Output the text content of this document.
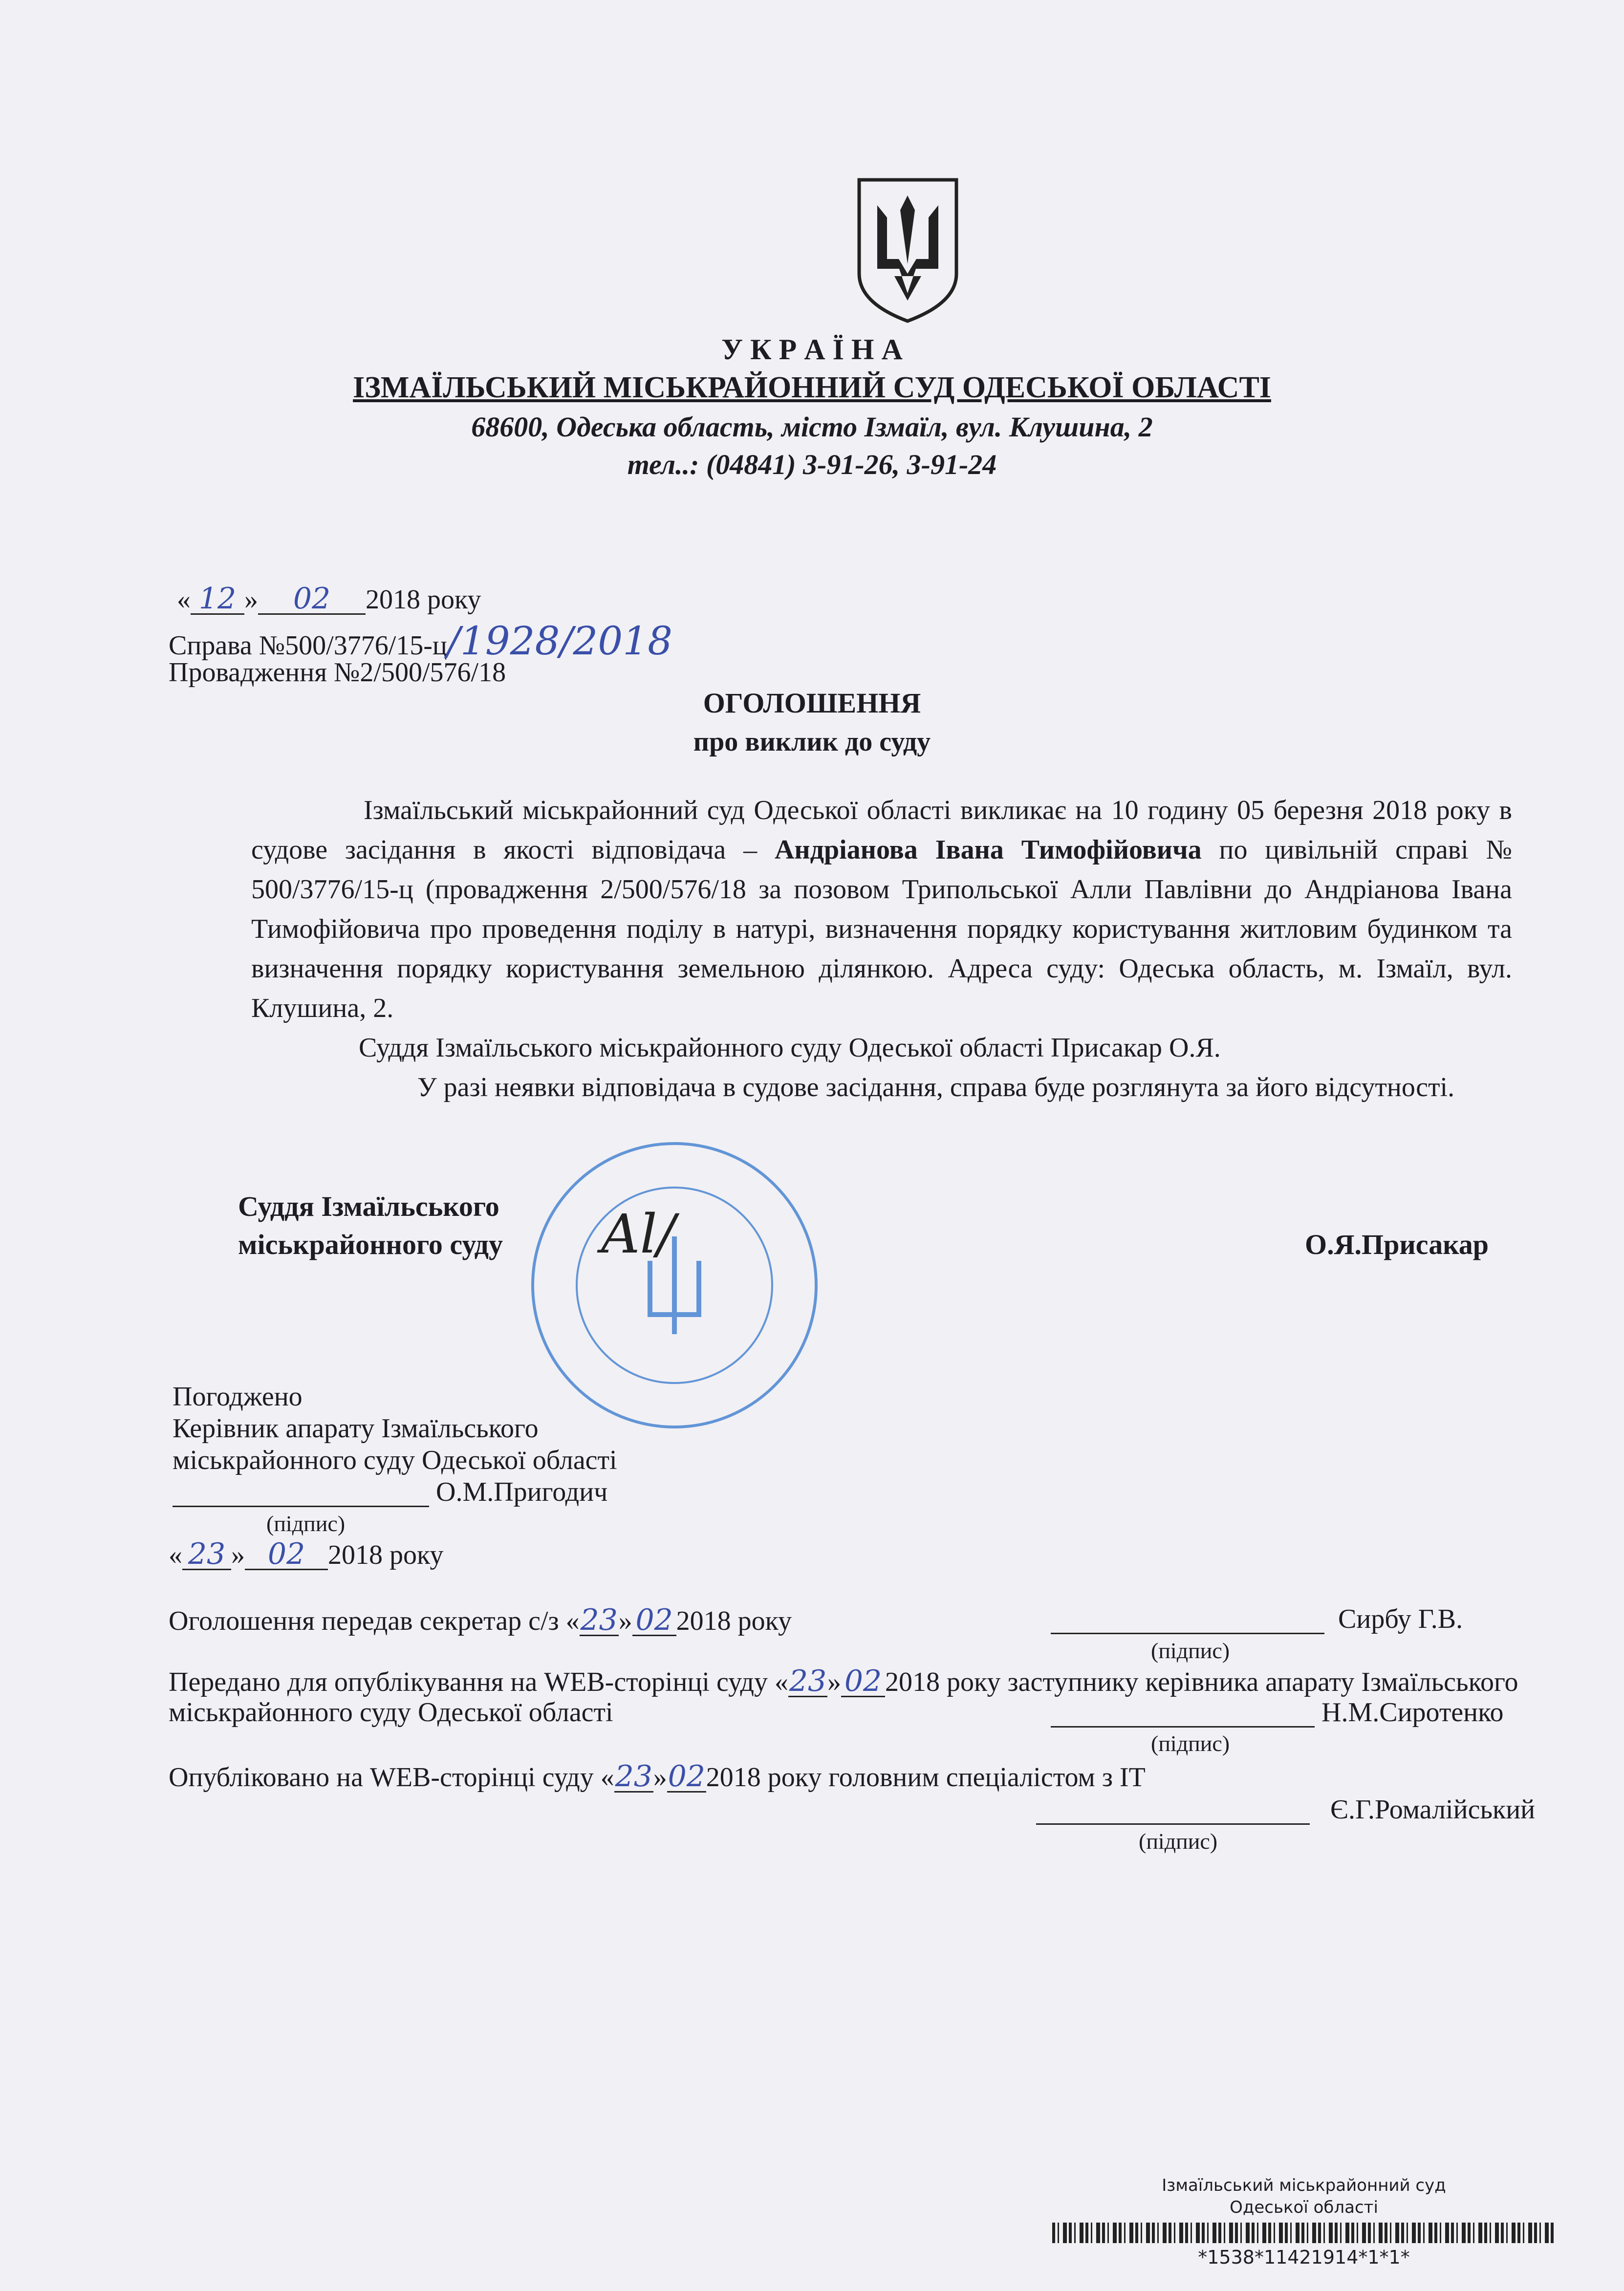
У К Р А Ї Н А
ІЗМАЇЛЬСЬКИЙ МІСЬКРАЙОННИЙ СУД ОДЕСЬКОЇ ОБЛАСТІ
68600, Одеська область, місто Ізмаїл, вул. Клушина, 2
тел..: (04841) 3-91-26, 3-91-24
« 12 » 02 2018 року
Справа №500/3776/15-ц/1928/2018
Провадження №2/500/576/18
ОГОЛОШЕННЯ
про виклик до суду

Ізмаїльський міськрайонний суд Одеської області викликає на 10 годину 05 березня 2018 року в судове засідання в якості відповідача – Андріанова Івана Тимофійовича по цивільній справі № 500/3776/15-ц (провадження 2/500/576/18 за позовом Трипольської Алли Павлівни до Андріанова Івана Тимофійовича про проведення поділу в натурі, визначення порядку користування житловим будинком та визначення порядку користування земельною ділянкою. Адреса суду: Одеська область, м. Ізмаїл, вул. Клушина, 2.

Суддя Ізмаїльського міськрайонного суду Одеської області Присакар О.Я.

У разі неявки відповідача в судове засідання, справа буде розглянута за його відсутності.

Суддя Ізмаїльського
міськрайонного суду	О.Я.Присакар
Al/
Погоджено
Керівник апарату Ізмаїльського
міськрайонного суду Одеської області
О.М.Пригодич
(підпис)
« 23 » 02 2018 року
Оголошення передав секретар с/з «23» 02 2018 року	Сирбу Г.В.
(підпис)
Передано для опублікування на WEB-сторінці суду «23» 02 2018 року заступнику керівника апарату Ізмаїльського
міськрайонного суду Одеської області	Н.М.Сиротенко
(підпис)
Опубліковано на WEB-сторінці суду «23»022018 року головним спеціалістом з ІТ
Є.Г.Ромалійський
(підпис)
Ізмаїльський міськрайонний суд
Одеської області
*1538*11421914*1*1*
